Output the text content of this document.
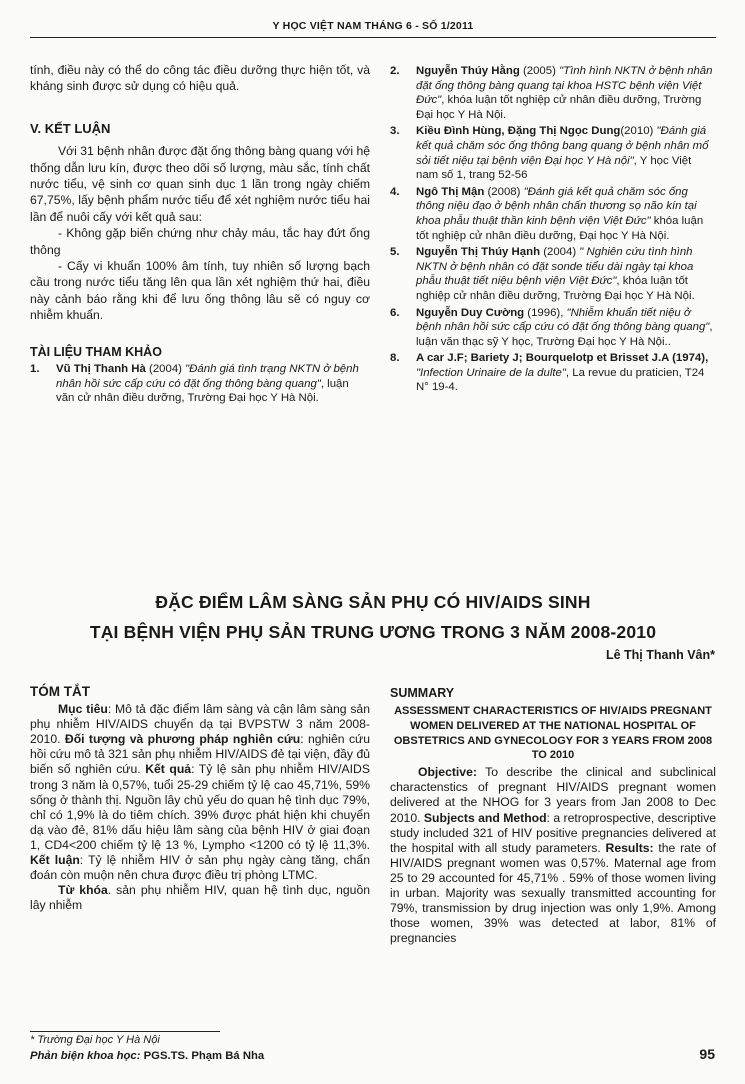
Y HỌC VIỆT NAM THÁNG 6 - SỐ 1/2011

tính, điều này có thể do công tác điều dưỡng thực hiện tốt, và kháng sinh được sử dụng có hiệu quả.

V. KẾT LUẬN

Với 31 bệnh nhân được đặt ống thông bàng quang với hệ thống dẫn lưu kín, được theo dõi số lượng, màu sắc, tính chất nước tiểu, vệ sinh cơ quan sinh dục 1 lần trong ngày chiếm 67,75%, lấy bệnh phẩm nước tiểu để xét nghiệm nước tiểu hai lần để nuôi cấy với kết quả sau:

- Không gặp biến chứng như chảy máu, tắc hay đứt ống thông

- Cấy vi khuẩn 100% âm tính, tuy nhiên số lượng bạch cầu trong nước tiểu tăng lên qua lần xét nghiệm thứ hai, điều này cảnh báo rằng khi để lưu ống thông lâu sẽ có nguy cơ nhiễm khuẩn.

TÀI LIỆU THAM KHẢO

1.	Vũ Thị Thanh Hà (2004) "Đánh giá tình trạng NKTN ở bệnh nhân hồi sức cấp cứu có đặt ống thông bàng quang", luận văn cử nhân điều dưỡng, Trường Đại học Y Hà Nội.
2.	Nguyễn Thúy Hằng (2005) "Tình hình NKTN ở bệnh nhân đặt ống thông bàng quang tại khoa HSTC bệnh viện Việt Đức", khóa luận tốt nghiệp cử nhân điều dưỡng, Trường Đại học Y Hà Nội.
3.	Kiều Đình Hùng, Đặng Thị Ngọc Dung(2010) "Đánh giá kết quả chăm sóc ống thông bang quang ở bệnh nhân mổ sỏi tiết niệu tại bệnh viện Đại học Y Hà nội", Y học Việt nam số 1, trang 52-56
4.	Ngô Thị Mận (2008) "Đánh giá kết quả chăm sóc ống thông niệu đạo ở bệnh nhân chấn thương sọ não kín tại khoa phẫu thuật thần kinh bệnh viện Việt Đức" khóa luận tốt nghiệp cử nhân điều dưỡng, Đại học Y Hà Nội.
5.	Nguyễn Thị Thúy Hạnh (2004) " Nghiên cứu tình hình NKTN ở bệnh nhân có đặt sonde tiểu dài ngày tại khoa phẫu thuật tiết niệu bệnh viện Việt Đức", khóa luận tốt nghiệp cử nhân điều dưỡng, Trường Đại học Y Hà Nội.
6.	Nguyễn Duy Cường (1996), "Nhiễm khuẩn tiết niệu ở bệnh nhân hồi sức cấp cứu có đặt ống thông bàng quang", luận văn thạc sỹ Y học, Trường Đại học Y Hà Nội..
8.	A car J.F; Bariety J; Bourquelotp et Brisset J.A (1974), "Infection Urinaire de la dulte", La revue du praticien, T24 N° 19-4.
ĐẶC ĐIỂM LÂM SÀNG SẢN PHỤ CÓ HIV/AIDS SINH
TẠI BỆNH VIỆN PHỤ SẢN TRUNG ƯƠNG TRONG 3 NĂM 2008-2010
Lê Thị Thanh Vân*
TÓM TẮT

Mục tiêu: Mô tả đặc điểm lâm sàng và cận lâm sàng sản phụ nhiễm HIV/AIDS chuyển dạ tại BVPSTW 3 năm 2008-2010. Đối tượng và phương pháp nghiên cứu: nghiên cứu hồi cứu mô tả 321 sản phụ nhiễm HIV/AIDS đẻ tại viện, đầy đủ biến số nghiên cứu. Kết quả: Tỷ lệ sản phụ nhiễm HIV/AIDS trong 3 năm là 0,57%, tuổi 25-29 chiếm tỷ lệ cao 45,71%, 59% sống ở thành thị. Nguồn lây chủ yếu do quan hệ tình dục 79%, chỉ có 1,9% là do tiêm chích. 39% được phát hiện khi chuyển dạ vào đẻ, 81% dấu hiệu lâm sàng của bệnh HIV ở giai đoạn 1, CD4<200 chiếm tỷ lệ 13 %, Lympho <1200 có tỷ lệ 11,3%. Kết luận: Tỷ lệ nhiễm HIV ở sản phụ ngày càng tăng, chẩn đoán còn muộn nên chưa được điều trị phòng LTMC.

Từ khóa. sản phụ nhiễm HIV, quan hệ tình dục, nguồn lây nhiễm

SUMMARY
ASSESSMENT CHARACTERISTICS OF HIV/AIDS PREGNANT WOMEN DELIVERED AT THE NATIONAL HOSPITAL OF OBSTETRICS AND GYNECOLOGY FOR 3 YEARS FROM 2008 TO 2010

Objective: To describe the clinical and subclinical charactenstics of pregnant HIV/AIDS pregnant women delivered at the NHOG for 3 years from Jan 2008 to Dec 2010. Subjects and Method: a retroprospective, descriptive study included 321 of HIV positive pregnancies delivered at the hospital with all study parameters. Results: the rate of HIV/AIDS pregnant women was 0,57%. Maternal age from 25 to 29 accounted for 45,71% . 59% of those women living in urban. Majority was sexually transmitted accounting for 79%, transmission by drug injection was only 1,9%. Among those women, 39% was detected at labor, 81% of pregnancies

* Trường Đại học Y Hà Nội
Phản biện khoa học: PGS.TS. Phạm Bá Nha	95
